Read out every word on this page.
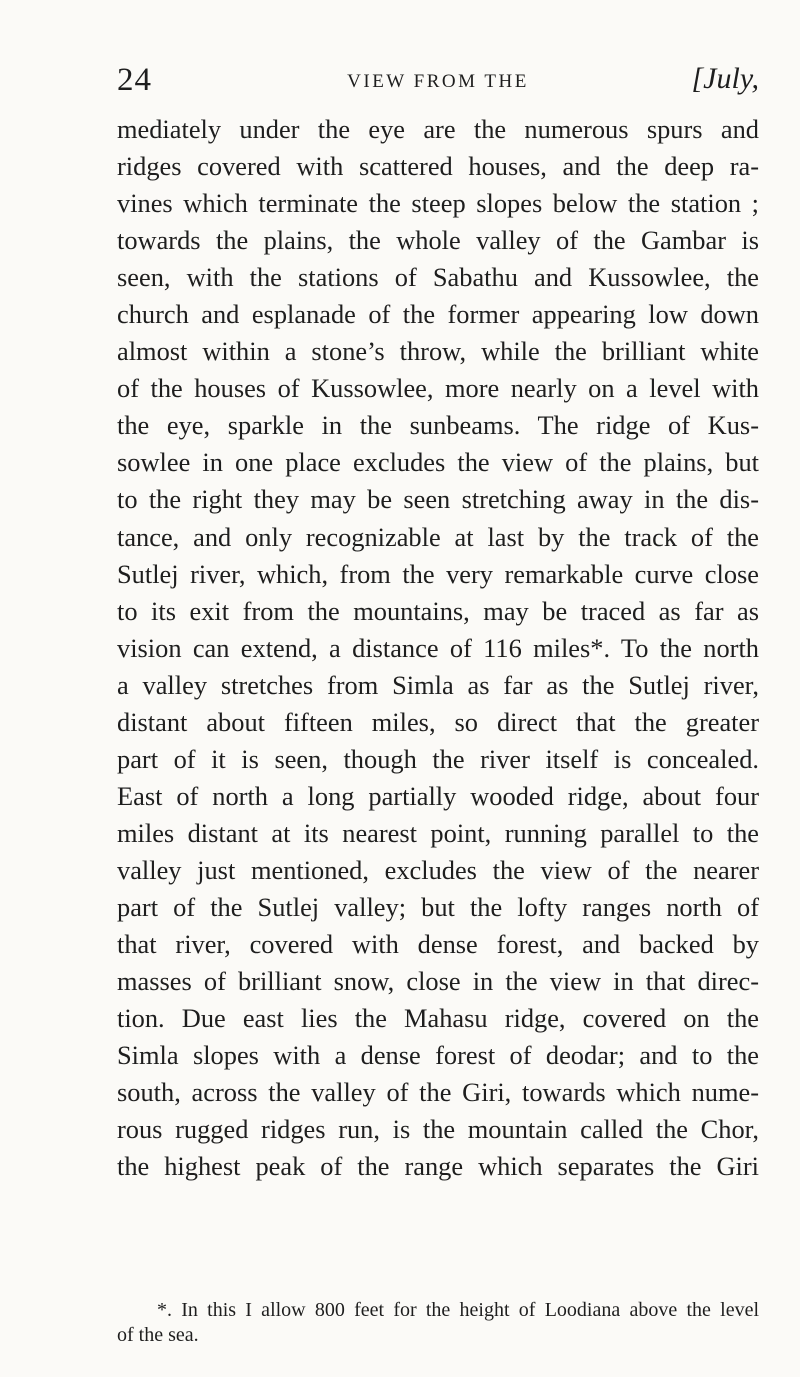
24	VIEW FROM THE	[July,

mediately under the eye are the numerous spurs and
ridges covered with scattered houses, and the deep ra-
vines which terminate the steep slopes below the station ;
towards the plains, the whole valley of the Gambar is
seen, with the stations of Sabathu and Kussowlee, the
church and esplanade of the former appearing low down
almost within a stone’s throw, while the brilliant white
of the houses of Kussowlee, more nearly on a level with
the eye, sparkle in the sunbeams. The ridge of Kus-
sowlee in one place excludes the view of the plains, but
to the right they may be seen stretching away in the dis-
tance, and only recognizable at last by the track of the
Sutlej river, which, from the very remarkable curve close
to its exit from the mountains, may be traced as far as
vision can extend, a distance of 116 miles*. To the north
a valley stretches from Simla as far as the Sutlej river,
distant about fifteen miles, so direct that the greater
part of it is seen, though the river itself is concealed.
East of north a long partially wooded ridge, about four
miles distant at its nearest point, running parallel to the
valley just mentioned, excludes the view of the nearer
part of the Sutlej valley; but the lofty ranges north of
that river, covered with dense forest, and backed by
masses of brilliant snow, close in the view in that direc-
tion. Due east lies the Mahasu ridge, covered on the
Simla slopes with a dense forest of deodar; and to the
south, across the valley of the Giri, towards which nume-
rous rugged ridges run, is the mountain called the Chor,
the highest peak of the range which separates the Giri

*. In this I allow 800 feet for the height of Loodiana above the level
of the sea.
